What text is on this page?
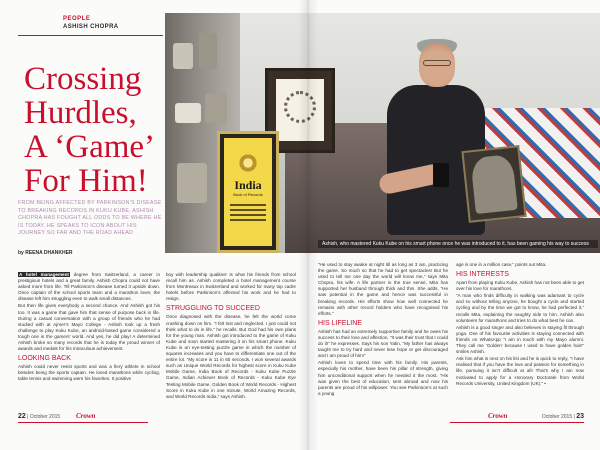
India
Book of Records
Ashish, who mastered Kuku Kube on his smart phone once he was introduced to it, has been gaming his way to success
PEOPLE
ASHISH CHOPRA
Crossing Hurdles, A ‘Game’ For Him!
FROM BEING AFFECTED BY PARKINSON’S DISEASE TO BREAKING RECORDS IN KUKU KUBE, ASHISH CHOPRA HAS FOUGHT ALL ODDS TO BE WHERE HE IS TODAY. HE SPEAKS TO ICON ABOUT HIS JOURNEY SO FAR AND THE ROAD AHEAD
by REENA DHANKHER

A hotel management degree from Switzerland, a career in prestigious hotels and a great family. Ashish Chopra could not have asked more from life. Till Parkinson’s disease turned it upside down. Once captain of the school sports team and a marathon lover, the disease left him struggling even to walk small distances.

But then life gives everybody a second chance. And Ashish got his too. It was a game that gave him that sense of purpose back in life. During a casual conversation with a group of friends who he had studied with at Ajmer’s Mayo College - Ashish took up a fresh challenge to play Kuku Kube, an android-based game considered a tough one in the gamers’ world. And yes, he did play! A determined Ashish broke so many records that he is today the proud winner of awards and medals for his miraculous achievement.

LOOKING BACK

Ashish could never resist sports and was a fiery athlete in school besides being the sports captain. He loved marathons while cycling, table tennis and swimming were his favorites. It positive

boy with leadership qualities’ is what his friends from school recall him as. Ashish completed a hotel management course from Montreaux in Switzerland and worked for many top cadre hotels before Parkinson’s affected his work and he had to resign.

STRUGGLING TO SUCCEED

Once diagnosed with the disease, he felt the world come crashing down on him. “I felt lost and neglected. I just could not think what to do in life,” he recalls. But God had his own plans for the young man. Ashish got introduced to the game of Kuku Kube and soon started mastering it on his smart phone. Kuku Kube is an eye-testing puzzle game in which the number of squares increases and you have to differentiate one out of the entire lot. “My score is 11 in 60 seconds. I won several awards such as Unique World Records for highest score in Kuku Kube Mobile Game, India Book of Records - Kuku Kube Puzzle Game, Indian Achiever Book of Records - Kuku Kube Eye Testing Mobile Game, Golden Book of World Records - Highest Score in Kuku Kube in one minute, World Amazing Records, and World Records India,” says Ashish.

“He used to stay awake at night till as long as 3 am, practicing the game. So much so that he had to get spectacles! But he used to tell me one day the world will know me,” says Mita Chopra, his wife. A life partner in the true sense, Mita has supported her husband through thick and thin. She adds, “He saw potential in the game and hence was successful in breaking records. His efforts show how well connected he remains with other record holders who have recognised his efforts.”

HIS LIFELINE

Ashish has had an extremely supportive family and he owes his success to their love and affection. “It was their trust that I could do it!” he expresses. Says his son Yatin, “My father has always taught me to try hard and never lose hope or get discouraged and I am proud of him!”

Ashish loves to spend time with his family. His parents, especially his mother, have been his pillar of strength, giving him unconditional support when he needed it the most. “His was given the best of education, sent abroad and now his parents are proud of his willpower. You see Parkinson’s at such a young

age is one in a million case,” points out Mita.

HIS INTERESTS

Apart from playing Kuku Kube, Ashish has not been able to get over his love for marathons.

“A man who finds difficulty in walking was adamant to cycle and so without telling anyone, he bought a cycle and started cycling and by the time we got to know, he had perfected it,” recalls Mita, explaining the naughty side to him. Ashish also volunteers for marathons and tries to do what best he can.

Ashish is a good singer and also believes in staying fit through yoga. One of his favourite activities is staying connected with friends on WhatsApp “I am in touch with my Mayo alumni. They call me ‘Golden’ because I used to have golden hair!” smiles Ashish.

Ask him what is next on his list and he is quick to reply, “I have realised that if you have the love and passion for something in life, pursuing it isn’t difficult at all! That’s why I am now motivated to apply for a Honorary Doctorate from World Records University, United Kingdom (UK).” •

22 | October 2015 Crown	Crown	October 2015 | 23
